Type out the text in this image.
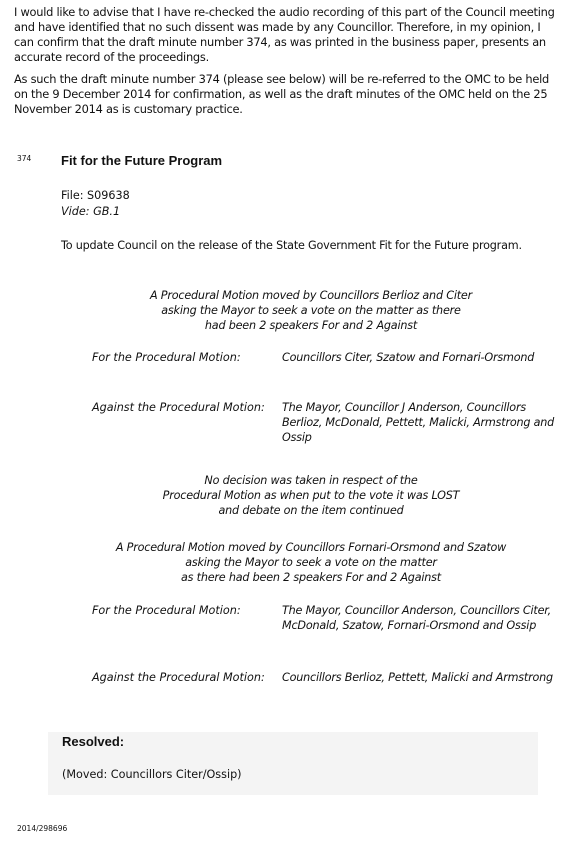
I would like to advise that I have re-checked the audio recording of this part of the Council meeting and have identified that no such dissent was made by any Councillor. Therefore, in my opinion, I can confirm that the draft minute number 374, as was printed in the business paper, presents an accurate record of the proceedings.
As such the draft minute number 374 (please see below) will be re-referred to the OMC to be held on the 9 December 2014 for confirmation, as well as the draft minutes of the OMC held on the 25 November 2014 as is customary practice.
374 Fit for the Future Program
File: S09638
Vide: GB.1
To update Council on the release of the State Government Fit for the Future program.
A Procedural Motion moved by Councillors Berlioz and Citer
asking the Mayor to seek a vote on the matter as there
had been 2 speakers For and 2 Against
For the Procedural Motion:	Councillors Citer, Szatow and Fornari-Orsmond
Against the Procedural Motion: The Mayor, Councillor J Anderson, Councillors Berlioz, McDonald, Pettett, Malicki, Armstrong and Ossip
No decision was taken in respect of the
Procedural Motion as when put to the vote it was LOST
and debate on the item continued
A Procedural Motion moved by Councillors Fornari-Orsmond and Szatow
asking the Mayor to seek a vote on the matter
as there had been 2 speakers For and 2 Against
For the Procedural Motion:	The Mayor, Councillor Anderson, Councillors Citer, McDonald, Szatow, Fornari-Orsmond and Ossip
Against the Procedural Motion: Councillors Berlioz, Pettett, Malicki and Armstrong
Resolved:
(Moved: Councillors Citer/Ossip)
2014/298696
